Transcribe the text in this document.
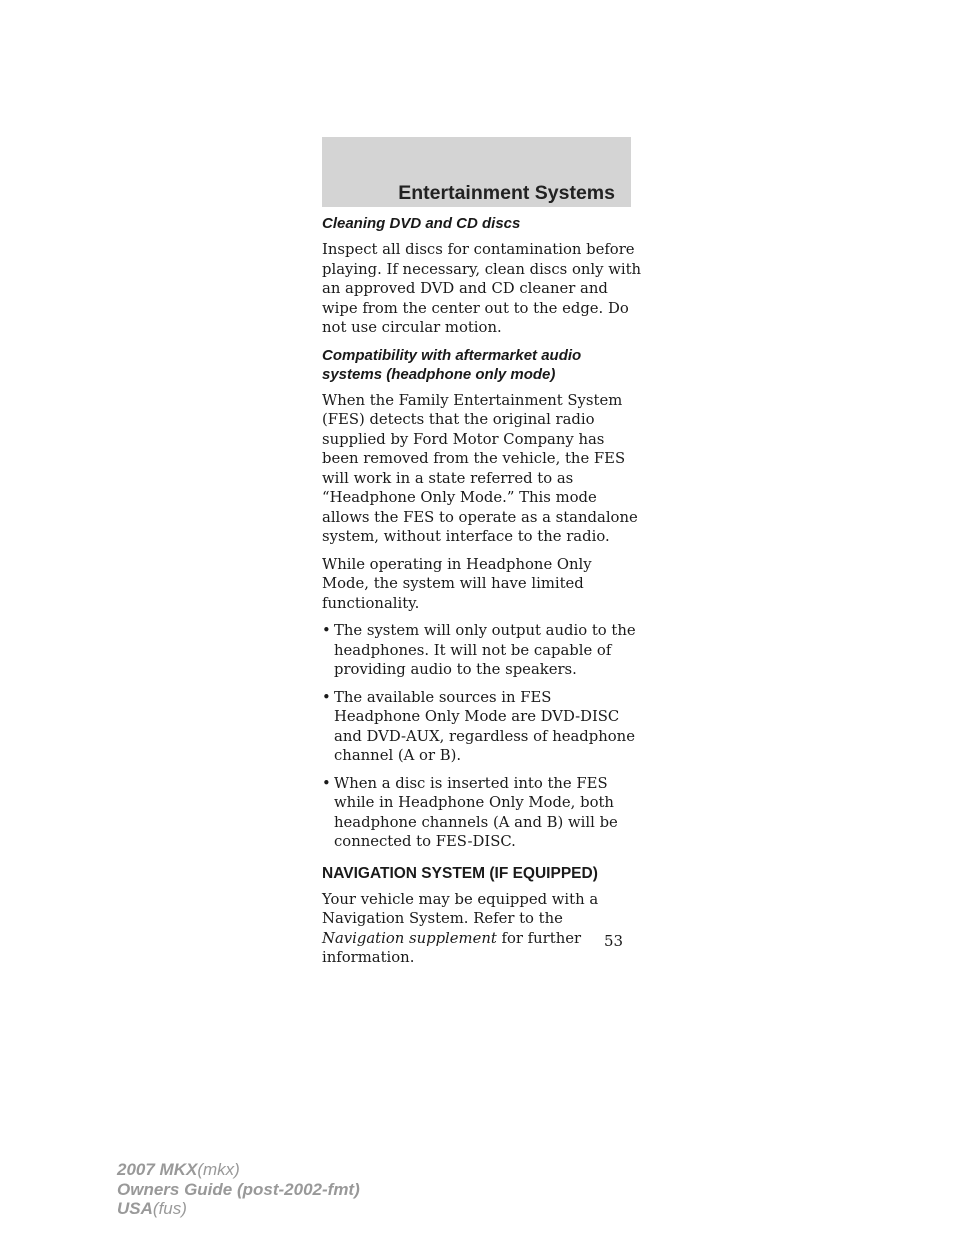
Entertainment Systems
Cleaning DVD and CD discs

Inspect all discs for contamination before playing. If necessary, clean discs only with an approved DVD and CD cleaner and wipe from the center out to the edge. Do not use circular motion.

Compatibility with aftermarket audio systems (headphone only mode)

When the Family Entertainment System (FES) detects that the original radio supplied by Ford Motor Company has been removed from the vehicle, the FES will work in a state referred to as “Headphone Only Mode.” This mode allows the FES to operate as a standalone system, without interface to the radio.

While operating in Headphone Only Mode, the system will have limited functionality.

• The system will only output audio to the headphones. It will not be capable of providing audio to the speakers.
• The available sources in FES Headphone Only Mode are DVD-DISC and DVD-AUX, regardless of headphone channel (A or B).
• When a disc is inserted into the FES while in Headphone Only Mode, both headphone channels (A and B) will be connected to FES-DISC.
NAVIGATION SYSTEM (IF EQUIPPED)

Your vehicle may be equipped with a Navigation System. Refer to the Navigation supplement for further information.

53
2007 MKX(mkx)
Owners Guide (post-2002-fmt)
USA(fus)
